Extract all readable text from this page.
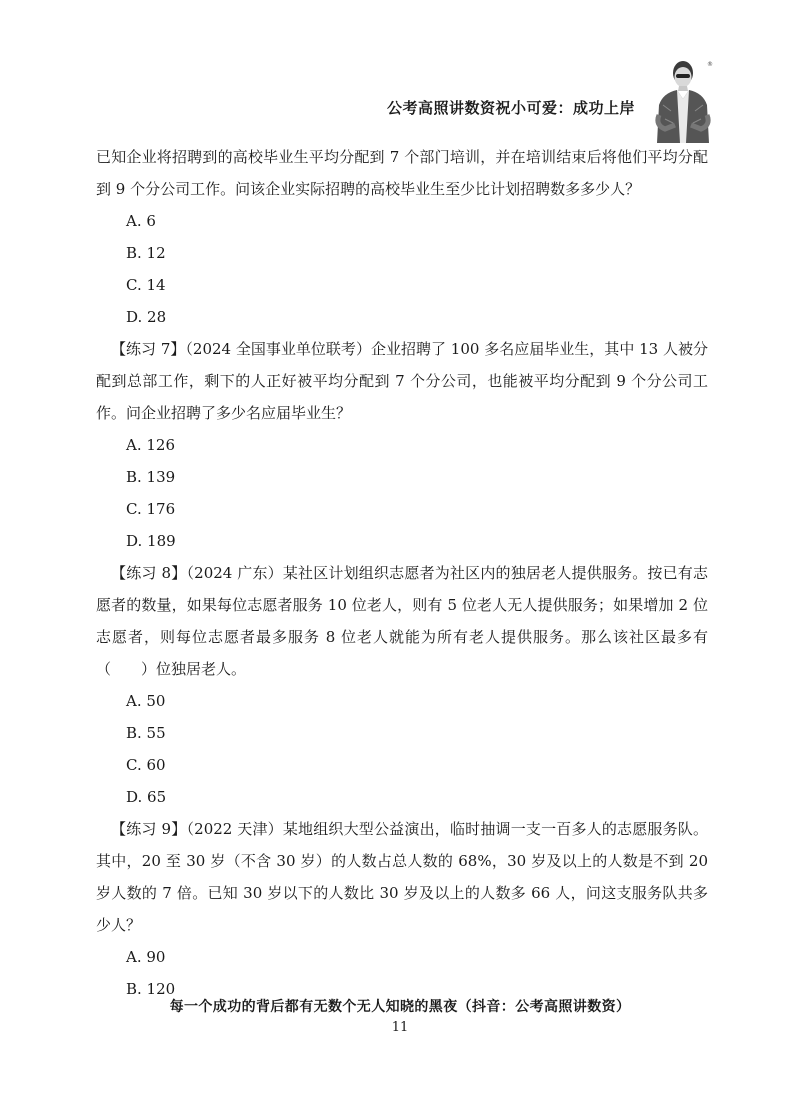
公考高照讲数资祝小可爱：成功上岸
®

已知企业将招聘到的高校毕业生平均分配到 7 个部门培训，并在培训结束后将他们平均分配到 9 个分公司工作。问该企业实际招聘的高校毕业生至少比计划招聘数多多少人？

A. 6

B. 12

C. 14

D. 28

【练习 7】（2024 全国事业单位联考）企业招聘了 100 多名应届毕业生，其中 13 人被分配到总部工作，剩下的人正好被平均分配到 7 个分公司，也能被平均分配到 9 个分公司工作。问企业招聘了多少名应届毕业生？

A. 126

B. 139

C. 176

D. 189

【练习 8】（2024 广东）某社区计划组织志愿者为社区内的独居老人提供服务。按已有志愿者的数量，如果每位志愿者服务 10 位老人，则有 5 位老人无人提供服务；如果增加 2 位志愿者，则每位志愿者最多服务 8 位老人就能为所有老人提供服务。那么该社区最多有（　　）位独居老人。

A. 50

B. 55

C. 60

D. 65

【练习 9】（2022 天津）某地组织大型公益演出，临时抽调一支一百多人的志愿服务队。其中，20 至 30 岁（不含 30 岁）的人数占总人数的 68%，30 岁及以上的人数是不到 20 岁人数的 7 倍。已知 30 岁以下的人数比 30 岁及以上的人数多 66 人，问这支服务队共多少人？

A. 90

B. 120

每一个成功的背后都有无数个无人知晓的黑夜（抖音：公考高照讲数资）
11
